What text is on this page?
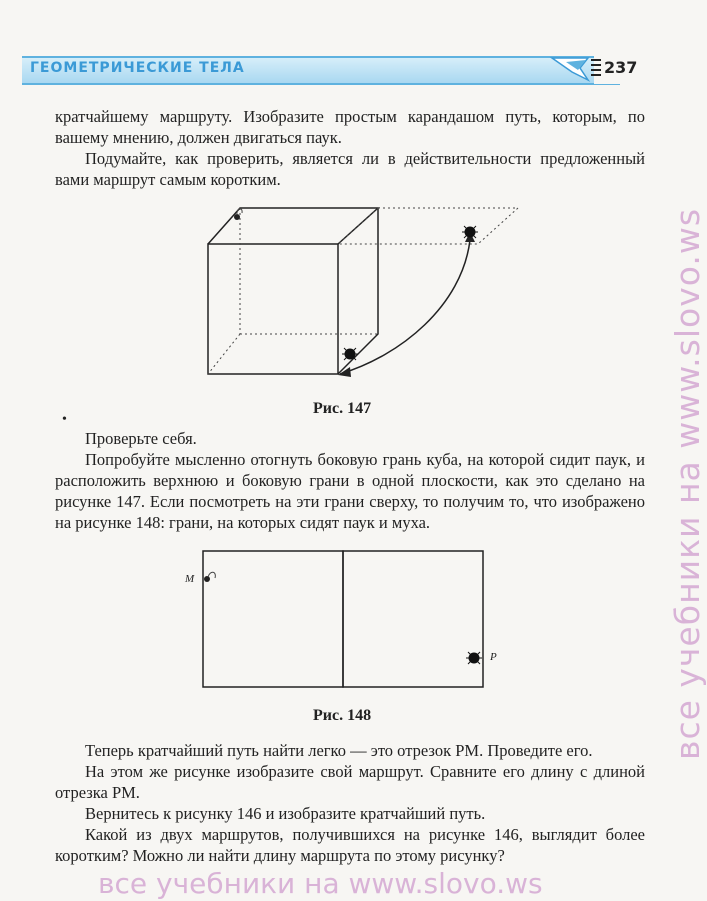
ГЕОМЕТРИЧЕСКИЕ ТЕЛА	237
кратчайшему маршруту. Изобразите простым карандашом путь, которым, по вашему мнению, должен двигаться паук.
Подумайте, как проверить, является ли в действительности предложенный вами маршрут самым коротким.
Рис. 147
•
Проверьте себя.
Попробуйте мысленно отогнуть боковую грань куба, на которой сидит паук, и расположить верхнюю и боковую грани в одной плоскости, как это сделано на рисунке 147. Если посмотреть на эти грани сверху, то получим то, что изображено на рисунке 148: грани, на которых сидят паук и муха.
M
P
Рис. 148
Теперь кратчайший путь найти легко — это отрезок PM. Проведите его.
На этом же рисунке изобразите свой маршрут. Сравните его длину с длиной отрезка PM.
Вернитесь к рисунку 146 и изобразите кратчайший путь.
Какой из двух маршрутов, получившихся на рисунке 146, выглядит более коротким? Можно ли найти длину маршрута по этому рисунку?
все учебники на www.slovo.ws
все учебники на www.slovo.ws
